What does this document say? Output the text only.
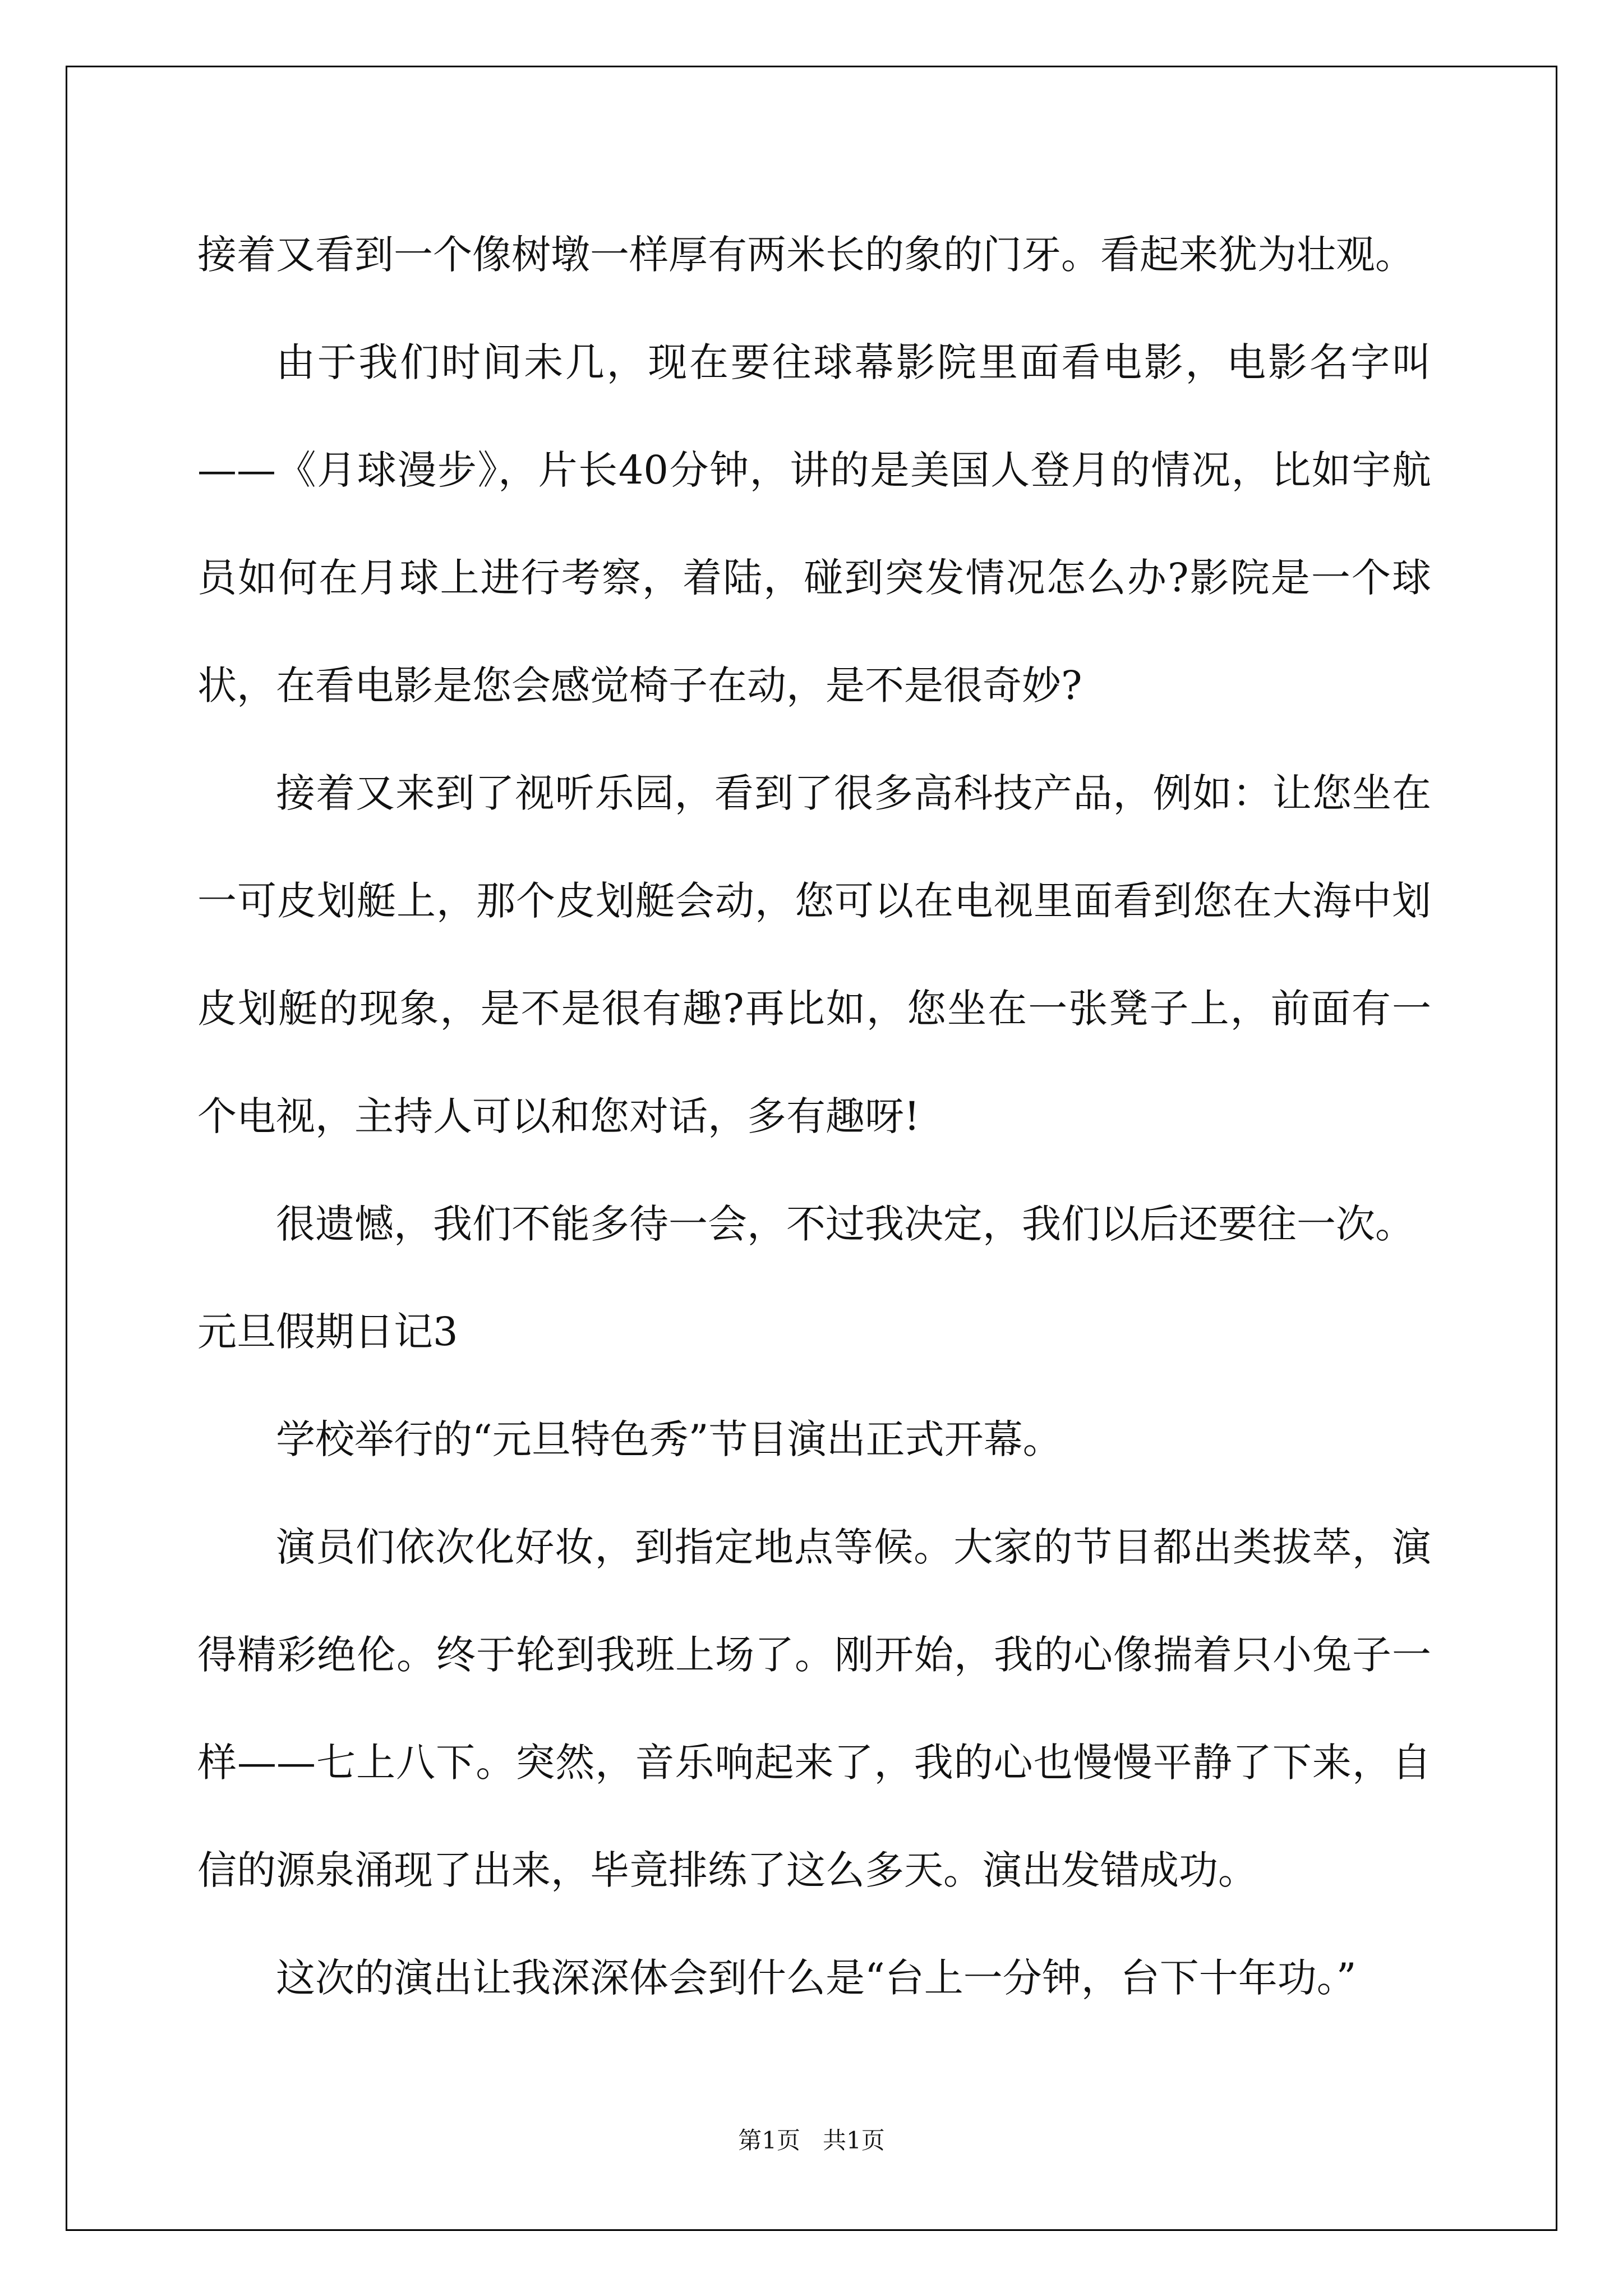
接着又看到一个像树墩一样厚有两米长的象的门牙。看起来犹为壮观。

由于我们时间未几，现在要往球幕影院里面看电影，电影名字叫——《月球漫步》，片长40分钟，讲的是美国人登月的情况，比如宇航员如何在月球上进行考察，着陆，碰到突发情况怎么办?影院是一个球状，在看电影是您会感觉椅子在动，是不是很奇妙?

接着又来到了视听乐园，看到了很多高科技产品，例如：让您坐在一可皮划艇上，那个皮划艇会动，您可以在电视里面看到您在大海中划皮划艇的现象，是不是很有趣?再比如，您坐在一张凳子上，前面有一个电视，主持人可以和您对话，多有趣呀!

很遗憾，我们不能多待一会，不过我决定，我们以后还要往一次。

元旦假期日记3

学校举行的“元旦特色秀”节目演出正式开幕。

演员们依次化好妆，到指定地点等候。大家的节目都出类拔萃，演得精彩绝伦。终于轮到我班上场了。刚开始，我的心像揣着只小兔子一样——七上八下。突然，音乐响起来了，我的心也慢慢平静了下来，自信的源泉涌现了出来，毕竟排练了这么多天。演出发错成功。

这次的演出让我深深体会到什么是“台上一分钟，台下十年功。”

第1页   共1页
